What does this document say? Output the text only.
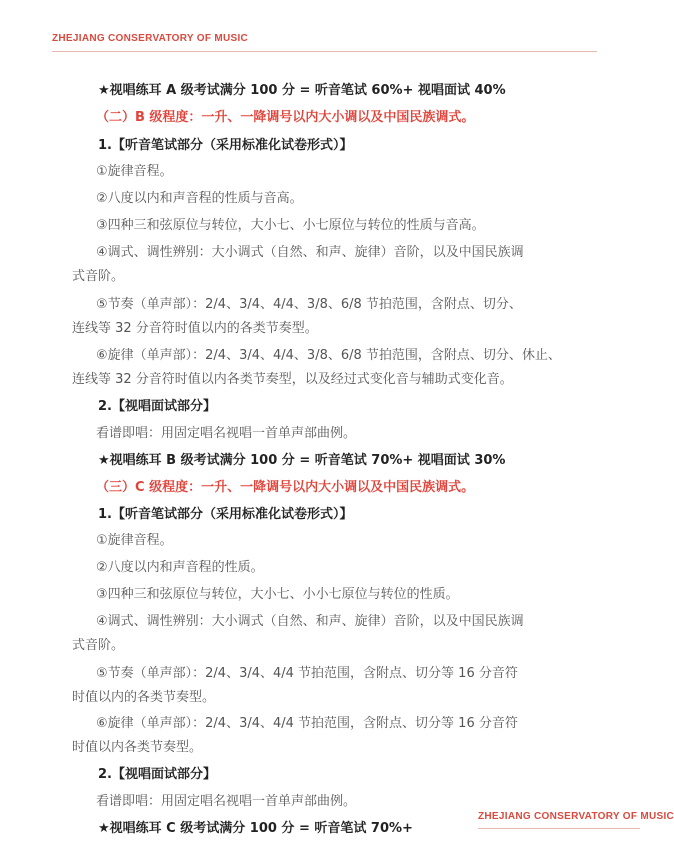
ZHEJIANG CONSERVATORY OF MUSIC
★视唱练耳 A 级考试满分 100 分 = 听音笔试 60%+ 视唱面试 40%
（二）B 级程度：一升、一降调号以内大小调以及中国民族调式。
1.【听音笔试部分（采用标准化试卷形式）】
①旋律音程。
②八度以内和声音程的性质与音高。
③四种三和弦原位与转位，大小七、小七原位与转位的性质与音高。
④调式、调性辨别：大小调式（自然、和声、旋律）音阶，以及中国民族调
式音阶。
⑤节奏（单声部）：2/4、3/4、4/4、3/8、6/8 节拍范围，含附点、切分、
连线等 32 分音符时值以内的各类节奏型。
⑥旋律（单声部）：2/4、3/4、4/4、3/8、6/8 节拍范围，含附点、切分、休止、
连线等 32 分音符时值以内各类节奏型，以及经过式变化音与辅助式变化音。
2.【视唱面试部分】
看谱即唱：用固定唱名视唱一首单声部曲例。
★视唱练耳 B 级考试满分 100 分 = 听音笔试 70%+ 视唱面试 30%
（三）C 级程度：一升、一降调号以内大小调以及中国民族调式。
1.【听音笔试部分（采用标准化试卷形式）】
①旋律音程。
②八度以内和声音程的性质。
③四种三和弦原位与转位，大小七、小小七原位与转位的性质。
④调式、调性辨别：大小调式（自然、和声、旋律）音阶，以及中国民族调
式音阶。
⑤节奏（单声部）：2/4、3/4、4/4 节拍范围，含附点、切分等 16 分音符
时值以内的各类节奏型。
⑥旋律（单声部）：2/4、3/4、4/4 节拍范围，含附点、切分等 16 分音符
时值以内各类节奏型。
2.【视唱面试部分】
看谱即唱：用固定唱名视唱一首单声部曲例。
★视唱练耳 C 级考试满分 100 分 = 听音笔试 70%+
ZHEJIANG CONSERVATORY OF MUSIC
